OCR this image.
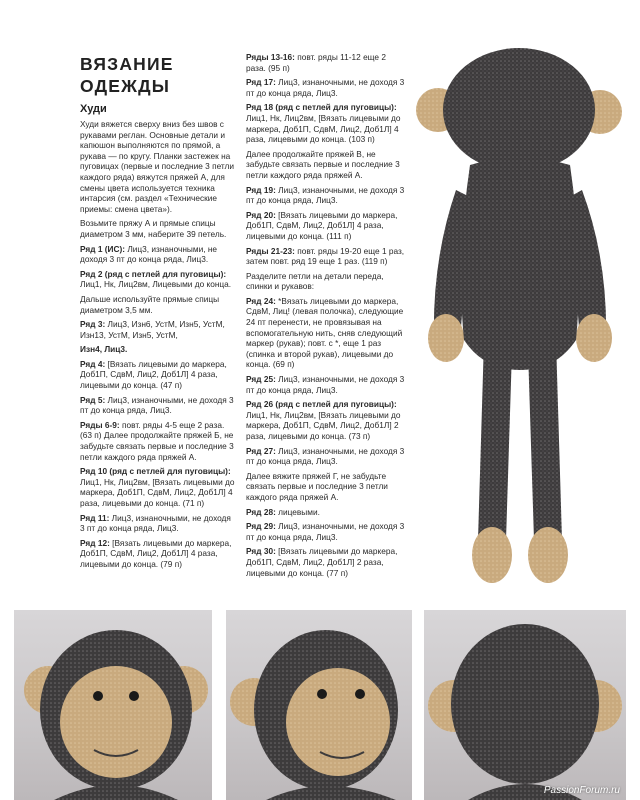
ВЯЗАНИЕ
ОДЕЖДЫ
Худи

Худи вяжется сверху вниз без швов с рукавами реглан. Основные детали и капюшон выполняются по прямой, а рукава — по кругу. Планки застежек на пуговицах (первые и последние 3 петли каждого ряда) вяжутся пряжей А, для смены цвета используется техника интарсия (см. раздел «Технические приемы: смена цвета»).

Возьмите пряжу А и прямые спицы диаметром 3 мм, наберите 39 петель.

Ряд 1 (ИС): Лиц3, изнаночными, не доходя 3 пт до конца ряда, Лиц3.

Ряд 2 (ряд с петлей для пуговицы): Лиц1, Нк, Лиц2вм, Лицевыми до конца.

Дальше используйте прямые спицы диаметром 3,5 мм.

Ряд 3: Лиц3, Изн6, УстМ, Изн5, УстМ, Изн13, УстМ, Изн5, УстМ,

Изн4, Лиц3.

Ряд 4: [Вязать лицевыми до маркера, Доб1П, СдвМ, Лиц2, Доб1Л] 4 раза, лицевыми до конца. (47 п)

Ряд 5: Лиц3, изнаночными, не доходя 3 пт до конца ряда, Лиц3.

Ряды 6-9: повт. ряды 4-5 еще 2 раза. (63 п) Далее продолжайте пряжей Б, не забудьте связать первые и последние 3 петли каждого ряда пряжей А.

Ряд 10 (ряд с петлей для пуговицы): Лиц1, Нк, Лиц2вм, [Вязать лицевыми до маркера, Доб1П, СдвМ, Лиц2, Доб1Л] 4 раза, лицевыми до конца. (71 п)

Ряд 11: Лиц3, изнаночными, не доходя 3 пт до конца ряда, Лиц3.

Ряд 12: [Вязать лицевыми до маркера, Доб1П, СдвМ, Лиц2, Доб1Л] 4 раза, лицевыми до конца. (79 п)

Ряды 13-16: повт. ряды 11-12 еще 2 раза. (95 п)

Ряд 17: Лиц3, изнаночными, не доходя 3 пт до конца ряда, Лиц3.

Ряд 18 (ряд с петлей для пуговицы): Лиц1, Нк, Лиц2вм, [Вязать лицевыми до маркера, Доб1П, СдвМ, Лиц2, Доб1Л] 4 раза, лицевыми до конца. (103 п)

Далее продолжайте пряжей В, не забудьте связать первые и последние 3 петли каждого ряда пряжей А.

Ряд 19: Лиц3, изнаночными, не доходя 3 пт до конца ряда, Лиц3.

Ряд 20: [Вязать лицевыми до маркера, Доб1П, СдвМ, Лиц2, Доб1Л] 4 раза, лицевыми до конца. (111 п)

Ряды 21-23: повт. ряды 19-20 еще 1 раз, затем повт. ряд 19 еще 1 раз. (119 п)

Разделите петли на детали переда, спинки и рукавов:

Ряд 24: *Вязать лицевыми до маркера, СдвМ, Лиц! (левая полочка), следующие 24 пт перенести, не провязывая на вспомогательную нить, сняв следующий маркер (рукав); повт. с *, еще 1 раз (спинка и второй рукав), лицевыми до конца. (69 п)

Ряд 25: Лиц3, изнаночными, не доходя 3 пт до конца ряда, Лиц3.

Ряд 26 (ряд с петлей для пуговицы): Лиц1, Нк, Лиц2вм, [Вязать лицевыми до маркера, Доб1П, СдвМ, Лиц2, Доб1Л] 2 раза, лицевыми до конца. (73 п)

Ряд 27: Лиц3, изнаночными, не доходя 3 пт до конца ряда, Лиц3.

Далее вяжите пряжей Г, не забудьте связать первые и последние 3 петли каждого ряда пряжей А.

Ряд 28: лицевыми.

Ряд 29: Лиц3, изнаночными, не доходя 3 пт до конца ряда, Лиц3.

Ряд 30: [Вязать лицевыми до маркера, Доб1П, СдвМ, Лиц2, Доб1Л] 2 раза, лицевыми до конца. (77 п)

PassionForum.ru
